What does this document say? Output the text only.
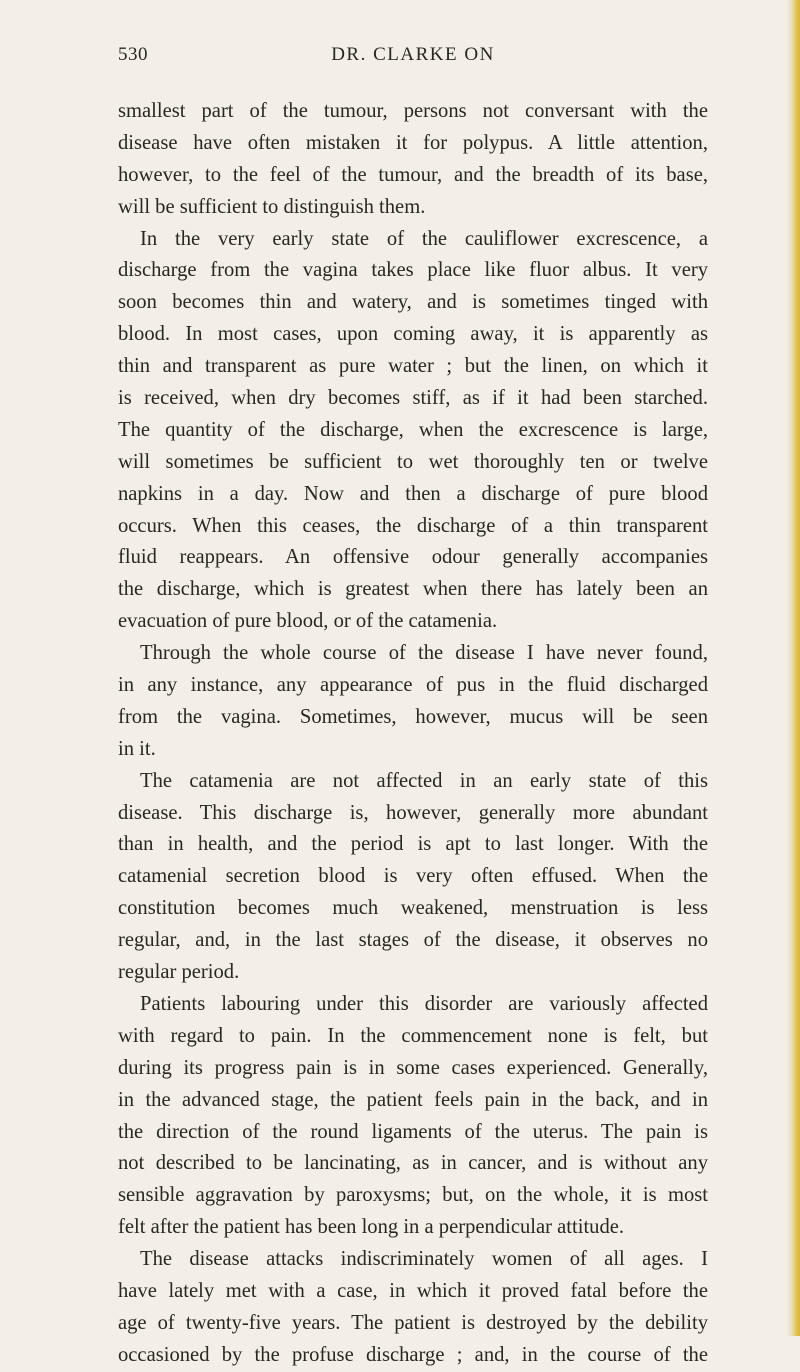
530	DR. CLARKE ON
smallest part of the tumour, persons not conversant with the
disease have often mistaken it for polypus. A little attention,
however, to the feel of the tumour, and the breadth of its base,
will be sufficient to distinguish them.
In the very early state of the cauliflower excrescence, a
discharge from the vagina takes place like fluor albus. It very
soon becomes thin and watery, and is sometimes tinged with
blood. In most cases, upon coming away, it is apparently as
thin and transparent as pure water ; but the linen, on which it
is received, when dry becomes stiff, as if it had been starched.
The quantity of the discharge, when the excrescence is large,
will sometimes be sufficient to wet thoroughly ten or twelve
napkins in a day. Now and then a discharge of pure blood
occurs. When this ceases, the discharge of a thin transparent
fluid reappears. An offensive odour generally accompanies
the discharge, which is greatest when there has lately been an
evacuation of pure blood, or of the catamenia.
Through the whole course of the disease I have never found,
in any instance, any appearance of pus in the fluid discharged
from the vagina. Sometimes, however, mucus will be seen
in it.
The catamenia are not affected in an early state of this
disease. This discharge is, however, generally more abundant
than in health, and the period is apt to last longer. With the
catamenial secretion blood is very often effused. When the
constitution becomes much weakened, menstruation is less
regular, and, in the last stages of the disease, it observes no
regular period.
Patients labouring under this disorder are variously affected
with regard to pain. In the commencement none is felt, but
during its progress pain is in some cases experienced. Generally,
in the advanced stage, the patient feels pain in the back, and in
the direction of the round ligaments of the uterus. The pain is
not described to be lancinating, as in cancer, and is without any
sensible aggravation by paroxysms; but, on the whole, it is most
felt after the patient has been long in a perpendicular attitude.
The disease attacks indiscriminately women of all ages. I
have lately met with a case, in which it proved fatal before the
age of twenty-five years. The patient is destroyed by the debility
occasioned by the profuse discharge ; and, in the course of the
